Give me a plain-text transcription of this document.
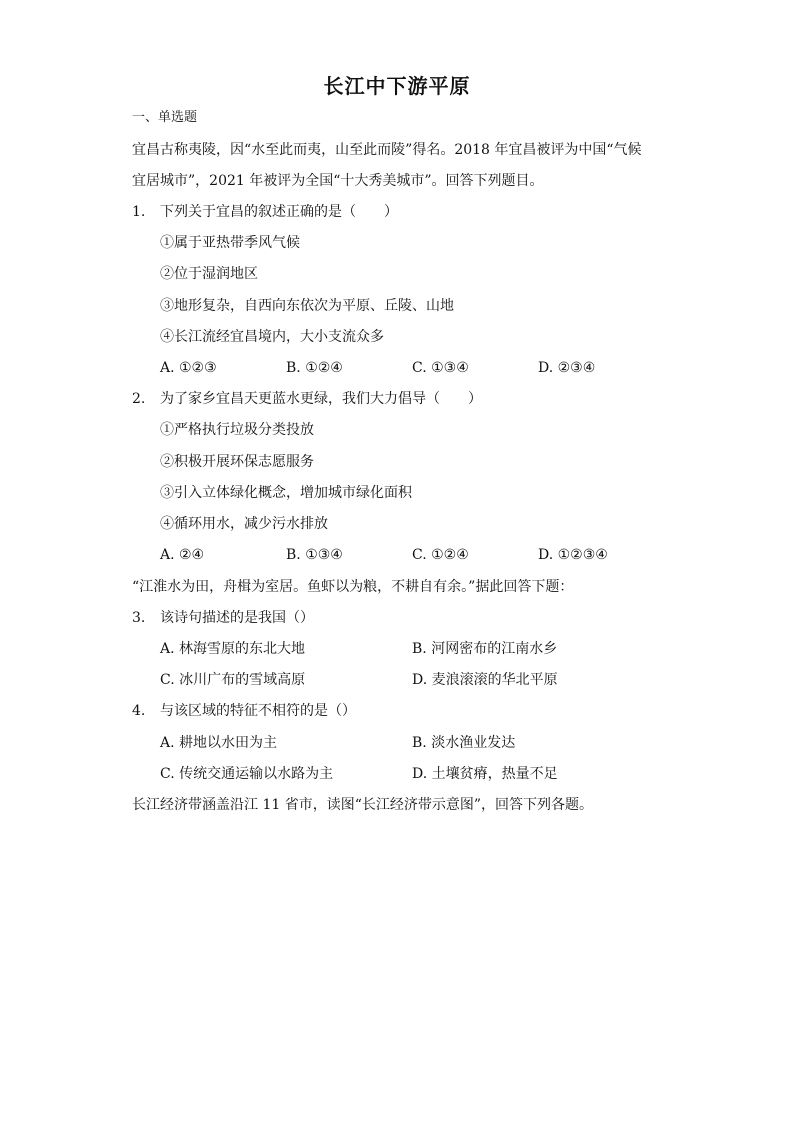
长江中下游平原
一、单选题
宜昌古称夷陵，因“水至此而夷，山至此而陵”得名。2018 年宜昌被评为中国“气候
宜居城市”，2021 年被评为全国“十大秀美城市”。回答下列题目。
1. 下列关于宜昌的叙述正确的是（　　）
①属于亚热带季风气候
②位于湿润地区
③地形复杂，自西向东依次为平原、丘陵、山地
④长江流经宜昌境内，大小支流众多
A. ①②③	B. ①②④	C. ①③④	D. ②③④
2. 为了家乡宜昌天更蓝水更绿，我们大力倡导（　　）
①严格执行垃圾分类投放
②积极开展环保志愿服务
③引入立体绿化概念，增加城市绿化面积
④循环用水，减少污水排放
A. ②④	B. ①③④	C. ①②④	D. ①②③④
“江淮水为田，舟楫为室居。鱼虾以为粮，不耕自有余。”据此回答下题：
3. 该诗句描述的是我国（）
A. 林海雪原的东北大地	B. 河网密布的江南水乡
C. 冰川广布的雪域高原	D. 麦浪滚滚的华北平原
4. 与该区域的特征不相符的是（）
A. 耕地以水田为主	B. 淡水渔业发达
C. 传统交通运输以水路为主	D. 土壤贫瘠，热量不足
长江经济带涵盖沿江 11 省市，读图“长江经济带示意图”，回答下列各题。
